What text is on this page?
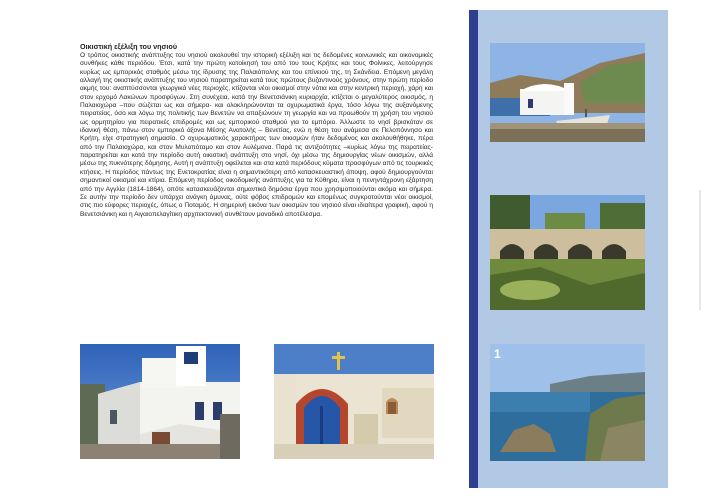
Οικιστική εξέλιξη του νησιού
Ο τρόπος οικιστικής ανάπτυξης του νησιού ακολουθεί την ιστορική εξέλιξη και τις δεδομένες κοινωνικές και οικονομικές συνθήκες κάθε περιόδου. Έτσι, κατά την πρώτη κατοίκησή του από του τους Κρήτες και τους Φοίνικες, λειτούργησε κυρίως ως εμπορικός σταθμός μέσω της ίδρυσης της Παλαιόπολης και του επίνειού της, τη Σκάνδεια. Επόμενη μεγάλη αλλαγή της οικιστικής ανάπτυξης του νησιού παρατηρείται κατά τους πρώτους βυζαντινούς χρόνους, στην πρώτη περίοδο ακμής του: αναπτύσσονται γεωργικά νέες περιοχές, κτίζονται νέοι οικισμοί στην νότια και στην κεντρική περιοχή, χάρη και στον ερχομό Λακώνων προσφύγων. Στη συνέχεια, κατά την Βενετσιάνικη κυριαρχία, κτίζεται ο μεγαλύτερος οικισμός, η Παλαιοχώρα –που σώζεται ως και σήμερα- και ολοκληρώνονται τα οχυρωματικά έργα, τόσο λόγω της αυξανόμενης πειρατείας, όσο και λόγω της πολιτικής των Βενετών να απαξιώνουν τη γεωργία και να προωθούν τη χρήση του νησιού ως ορμητηρίου για πειρατικές επιδρομές και ως εμπορικού σταθμού για το εμπόριο. Άλλωστε το νησί βρισκόταν σε ιδανική θέση, πάνω στον εμπορικό άξονα Μέσης Ανατολής – Βενετίας, ενώ η θέση του ανάμεσα σε Πελοπόννησο και Κρήτη, είχε στρατηγική σημασία. Ο οχυρωματικός χαρακτήρας των οικισμών ήταν δεδομένος και ακολουθήθηκε, πέρα από την Παλαιοχώρα, και στον Μυλοπόταμο και στον Αυλέμονα. Παρά τις αντιξοότητες –κυρίως λόγω της πειρατείας- παρατηρείται και κατά την περίοδο αυτή οικιστική ανάπτυξη στο νησί, όχι μέσω της δημιουργίας νέων οικισμών, αλλά μέσω της πυκνότερης δόμησης. Αυτή η ανάπτυξη οφείλεται και στα κατά περιόδους κύματα προσφύγων από τις τουρκικές κτήσεις. Η περίοδος πάντως της Ενετοκρατίας είναι η σημαντικότερη από κατασκευαστική άποψη, αφού δημιουργούνται σημαντικοί οικισμοί και κτίρια. Επόμενη περίοδος οικοδομικής ανάπτυξης για τα Κύθηρα, είναι η πενηντάχρονη εξάρτηση από την Αγγλία (1814-1864), οπότε κατασκευάζονται σημαντικά δημόσια έργα που χρησιμοποιούνται ακόμα και σήμερα. Σε αυτήν την περίοδο δεν υπάρχει ανάγκη άμυνας, ούτε φόβος επιδρομών και επομένως συγκροτούνται νέοι οικισμοί, στις πιο εύφορες περιοχές, όπως ο Ποταμός. Η σημερινή εικόνα των οικισμών του νησιού είναι ιδιαίτερα γραφική, αφού η Βενετσιάνικη και η Αιγαιοπελαγίτικη αρχιτεκτονική συνθέτουν μοναδικό αποτέλεσμα.
1
